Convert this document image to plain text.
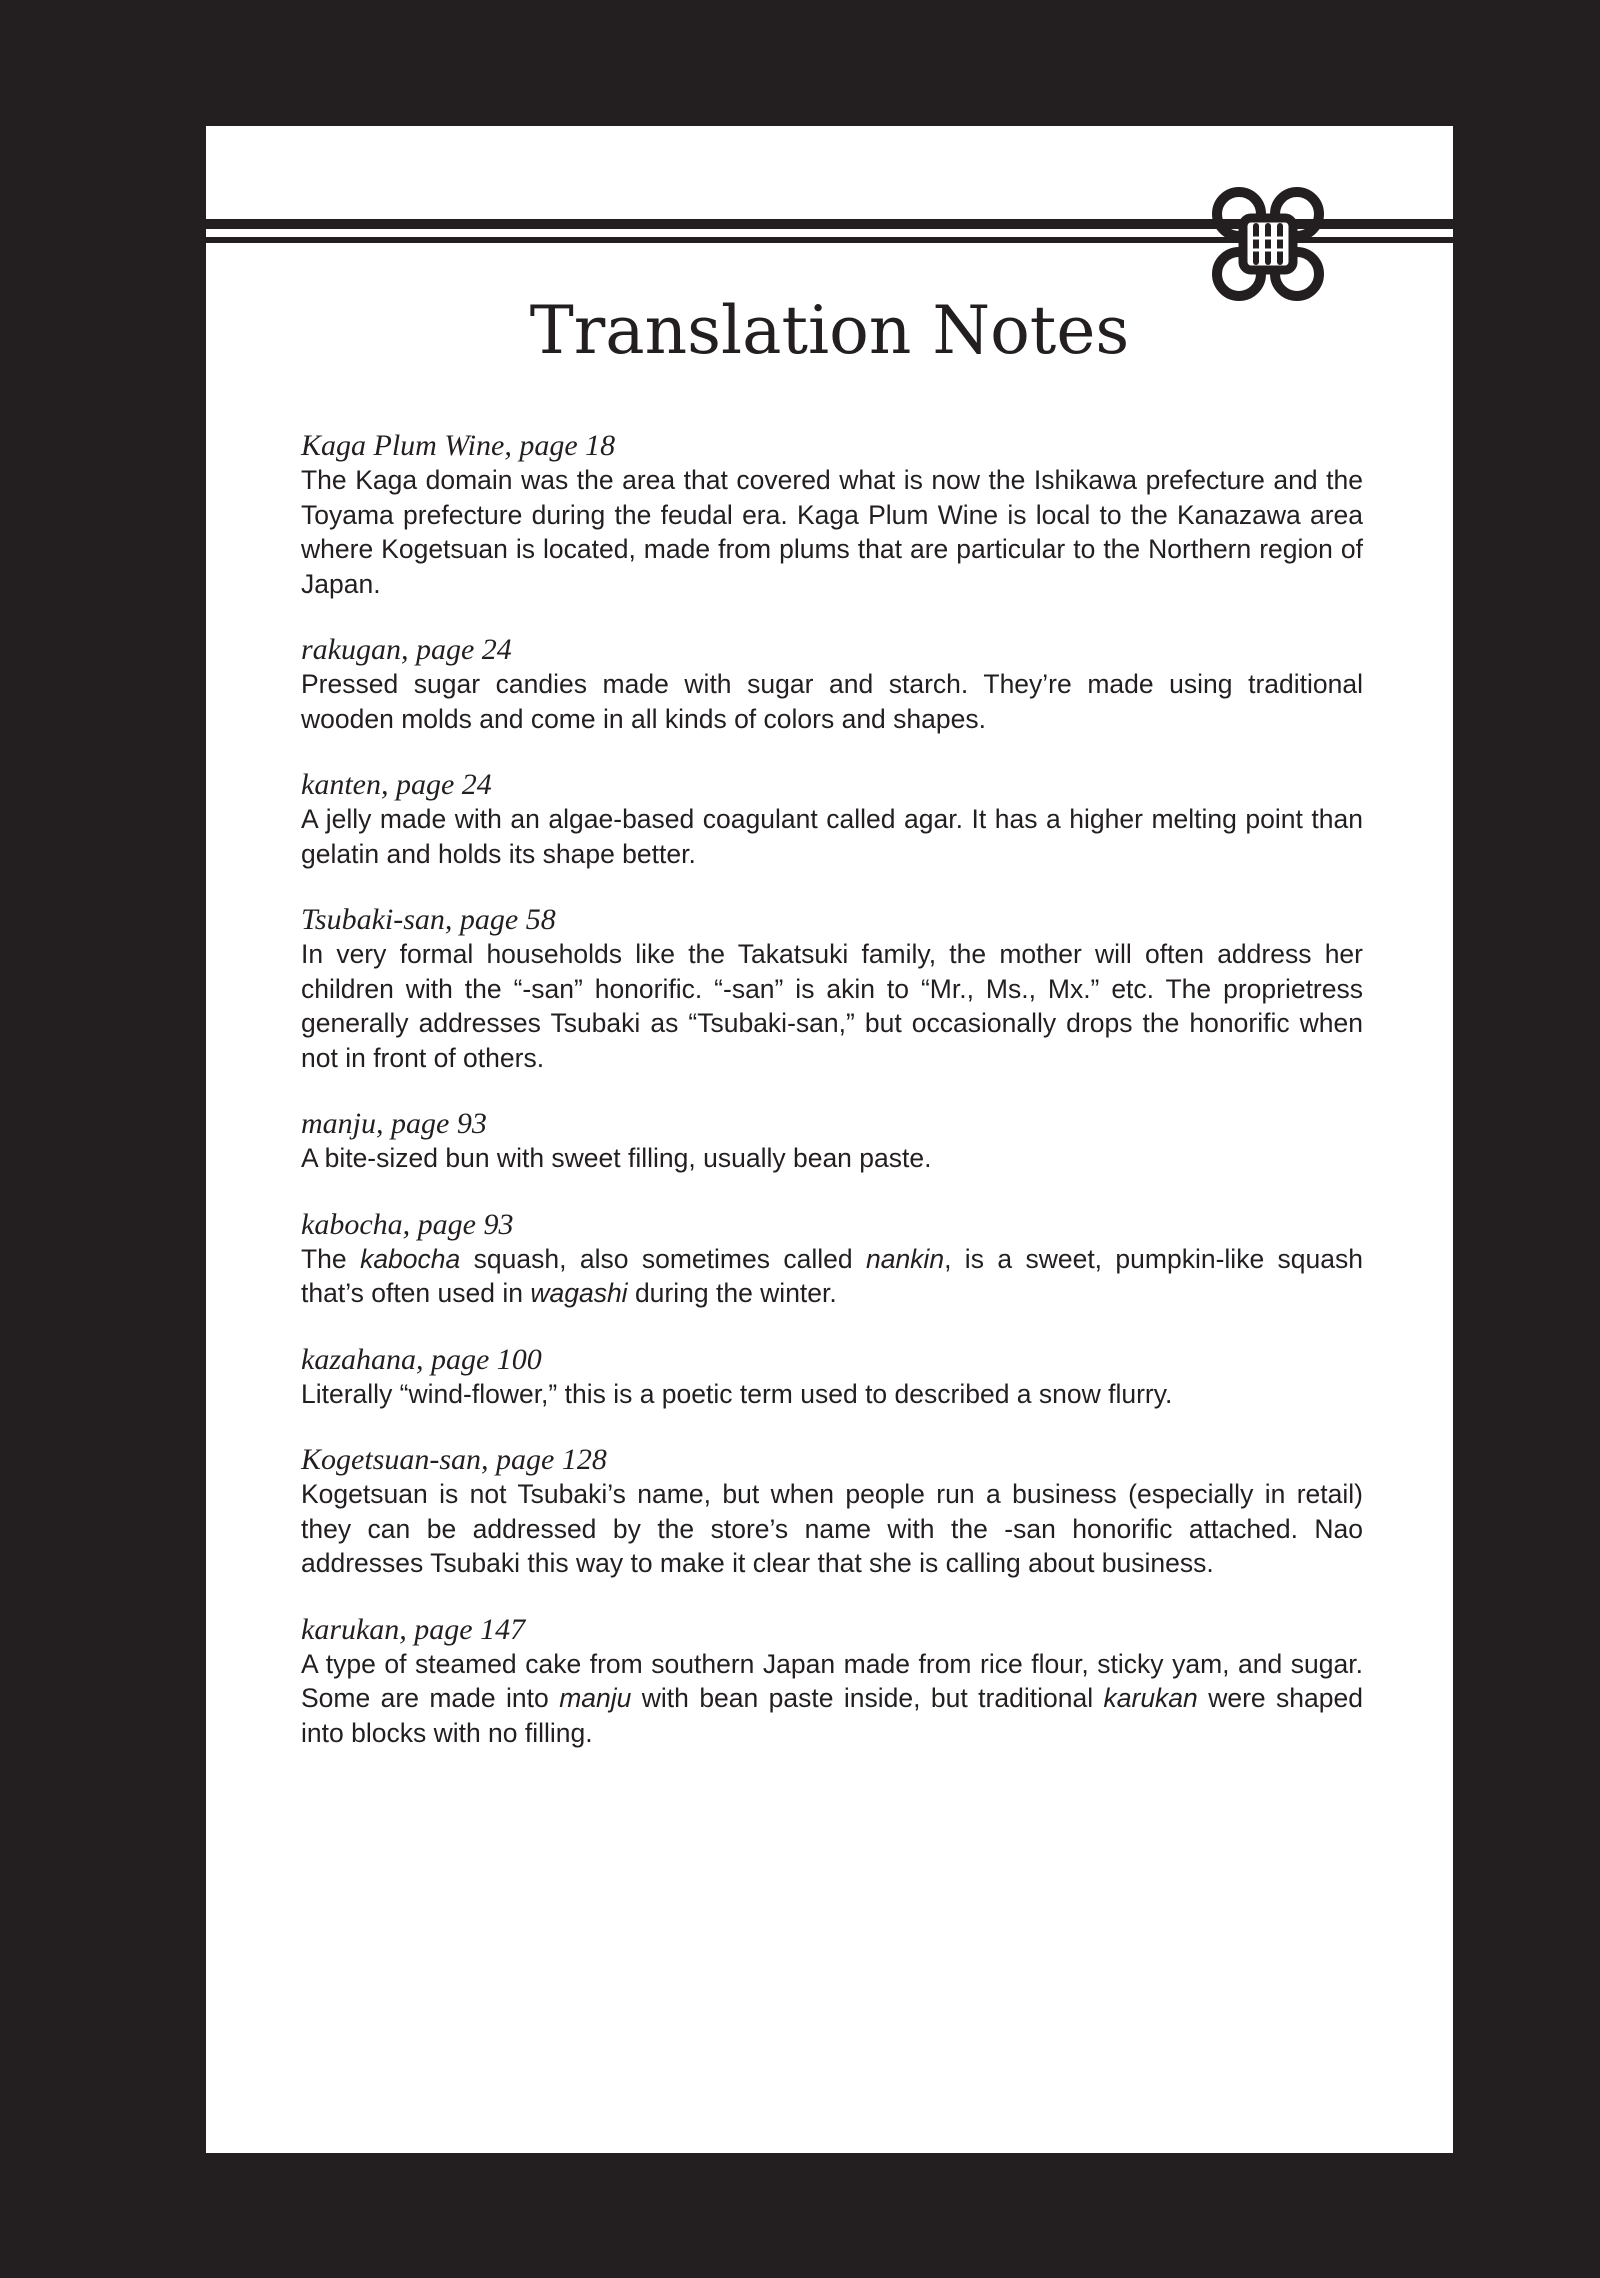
Translation Notes

Kaga Plum Wine, page 18

The Kaga domain was the area that covered what is now the Ishikawa prefecture and the Toyama prefecture during the feudal era. Kaga Plum Wine is local to the Kanazawa area where Kogetsuan is located, made from plums that are particular to the Northern region of Japan.

rakugan, page 24

Pressed sugar candies made with sugar and starch. They’re made using traditional wooden molds and come in all kinds of colors and shapes.

kanten, page 24

A jelly made with an algae-based coagulant called agar. It has a higher melting point than gelatin and holds its shape better.

Tsubaki-san, page 58

In very formal households like the Takatsuki family, the mother will often address her children with the “-san” honorific. “-san” is akin to “Mr., Ms., Mx.” etc. The proprietress generally addresses Tsubaki as “Tsubaki-san,” but occasionally drops the honorific when not in front of others.

manju, page 93

A bite-sized bun with sweet filling, usually bean paste.

kabocha, page 93

The kabocha squash, also sometimes called nankin, is a sweet, pumpkin-like squash that’s often used in wagashi during the winter.

kazahana, page 100

Literally “wind-flower,” this is a poetic term used to described a snow flurry.

Kogetsuan-san, page 128

Kogetsuan is not Tsubaki’s name, but when people run a business (especially in retail) they can be addressed by the store’s name with the -san honorific attached. Nao addresses Tsubaki this way to make it clear that she is calling about business.

karukan, page 147

A type of steamed cake from southern Japan made from rice flour, sticky yam, and sugar. Some are made into manju with bean paste inside, but traditional karukan were shaped into blocks with no filling.
